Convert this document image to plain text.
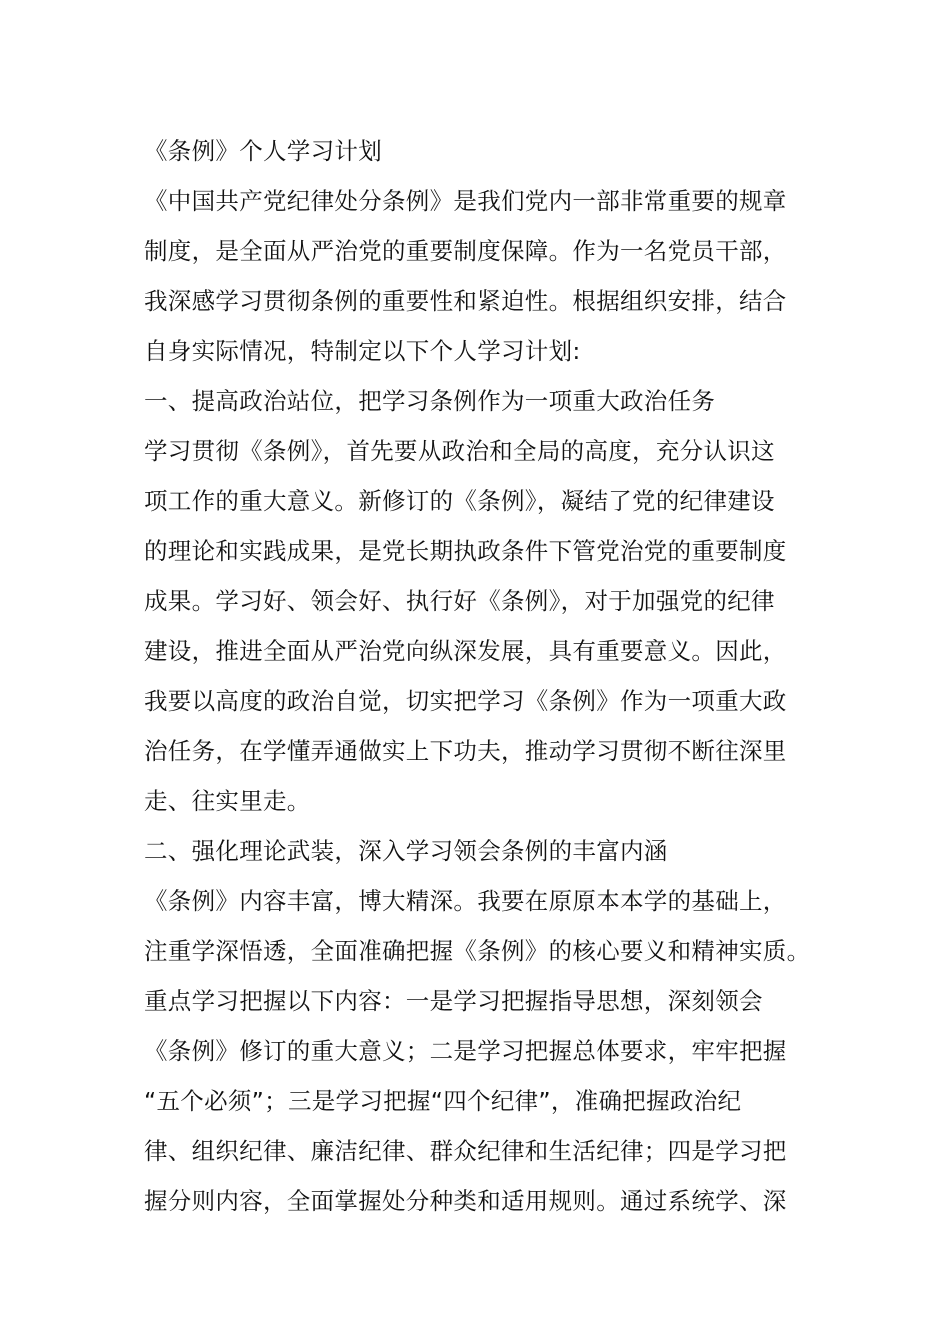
《条例》个人学习计划
《中国共产党纪律处分条例》是我们党内一部非常重要的规章
制度，是全面从严治党的重要制度保障。作为一名党员干部，
我深感学习贯彻条例的重要性和紧迫性。根据组织安排，结合
自身实际情况，特制定以下个人学习计划:
一、提高政治站位，把学习条例作为一项重大政治任务
学习贯彻《条例》，首先要从政治和全局的高度，充分认识这
项工作的重大意义。新修订的《条例》，凝结了党的纪律建设
的理论和实践成果，是党长期执政条件下管党治党的重要制度
成果。学习好、领会好、执行好《条例》，对于加强党的纪律
建设，推进全面从严治党向纵深发展，具有重要意义。因此，
我要以高度的政治自觉，切实把学习《条例》作为一项重大政
治任务，在学懂弄通做实上下功夫，推动学习贯彻不断往深里
走、往实里走。
二、强化理论武装，深入学习领会条例的丰富内涵
《条例》内容丰富，博大精深。我要在原原本本学的基础上，
注重学深悟透，全面准确把握《条例》的核心要义和精神实质。
重点学习把握以下内容：一是学习把握指导思想，深刻领会
《条例》修订的重大意义；二是学习把握总体要求，牢牢把握
“五个必须”；三是学习把握“四个纪律”，准确把握政治纪
律、组织纪律、廉洁纪律、群众纪律和生活纪律；四是学习把
握分则内容，全面掌握处分种类和适用规则。通过系统学、深
